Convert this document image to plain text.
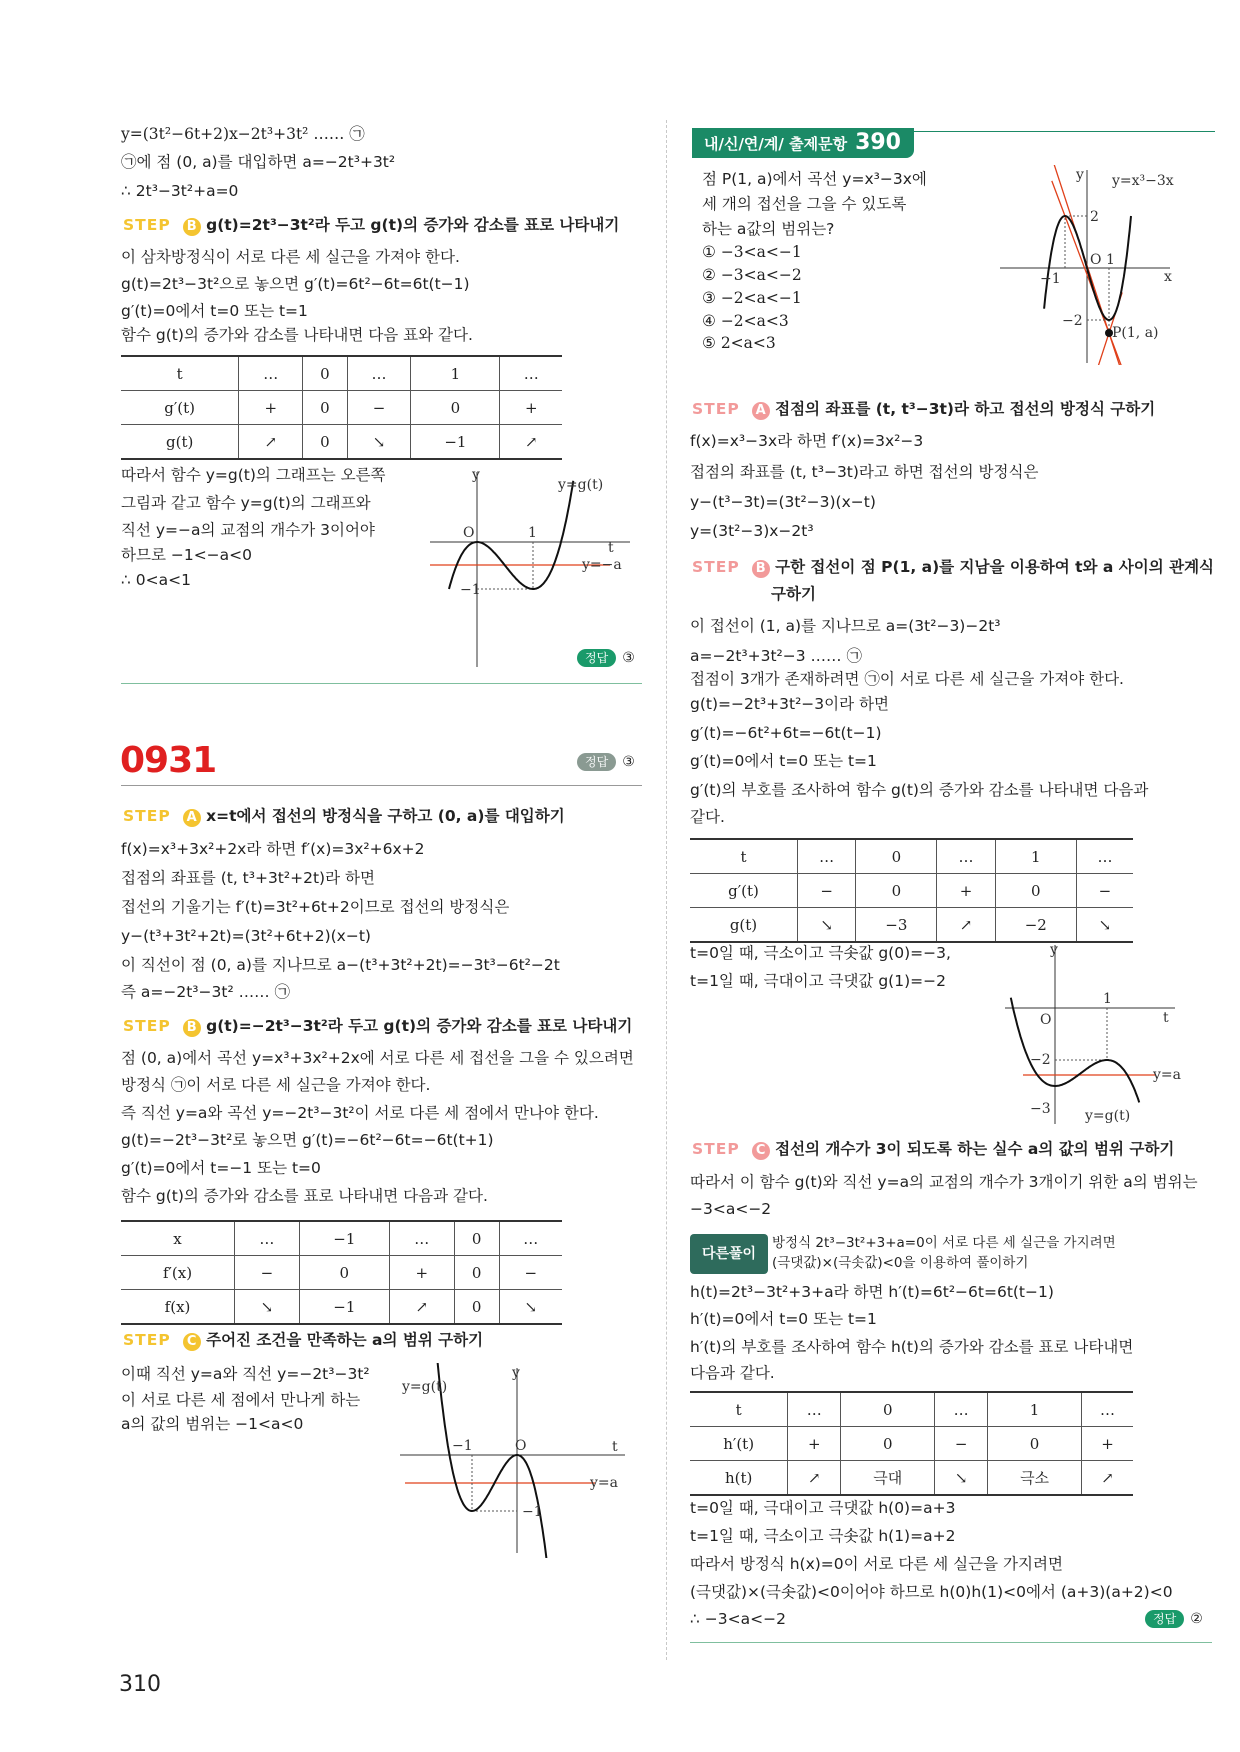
y=(3t²−6t+2)x−2t³+3t² …… ㉠
㉠에 점 (0, a)를 대입하면 a=−2t³+3t²
∴ 2t³−3t²+a=0
STEP B g(t)=2t³−3t²라 두고 g(t)의 증가와 감소를 표로 나타내기
이 삼차방정식이 서로 다른 세 실근을 가져야 한다.
g(t)=2t³−3t²으로 놓으면 g′(t)=6t²−6t=6t(t−1)
g′(t)=0에서 t=0 또는 t=1
함수 g(t)의 증가와 감소를 나타내면 다음 표와 같다.
t	…	0	…	1	…
g′(t)	+	0	−	0	+
g(t)	↗	0	↘	−1	↗
따라서 함수 y=g(t)의 그래프는 오른쪽
그림과 같고 함수 y=g(t)의 그래프와
직선 y=−a의 교점의 개수가 3이어야
하므로 −1<−a<0
∴ 0<a<1
y
t
O	1
−1
y=g(t)
y=−a
정답 ③
0931	정답 ③
STEP A x=t에서 접선의 방정식을 구하고 (0, a)를 대입하기
f(x)=x³+3x²+2x라 하면 f′(x)=3x²+6x+2
접점의 좌표를 (t, t³+3t²+2t)라 하면
접선의 기울기는 f′(t)=3t²+6t+2이므로 접선의 방정식은
y−(t³+3t²+2t)=(3t²+6t+2)(x−t)
이 직선이 점 (0, a)를 지나므로 a−(t³+3t²+2t)=−3t³−6t²−2t
즉 a=−2t³−3t² …… ㉠
STEP B g(t)=−2t³−3t²라 두고 g(t)의 증가와 감소를 표로 나타내기
점 (0, a)에서 곡선 y=x³+3x²+2x에 서로 다른 세 접선을 그을 수 있으려면
방정식 ㉠이 서로 다른 세 실근을 가져야 한다.
즉 직선 y=a와 곡선 y=−2t³−3t²이 서로 다른 세 점에서 만나야 한다.
g(t)=−2t³−3t²로 놓으면 g′(t)=−6t²−6t=−6t(t+1)
g′(t)=0에서 t=−1 또는 t=0
함수 g(t)의 증가와 감소를 표로 나타내면 다음과 같다.
x	…	−1	…	0	…
f′(x)	−	0	+	0	−
f(x)	↘	−1	↗	0	↘
STEP C 주어진 조건을 만족하는 a의 범위 구하기
이때 직선 y=a와 직선 y=−2t³−3t²
이 서로 다른 세 점에서 만나게 하는
a의 값의 범위는 −1<a<0
y
t
O
−1
−1
y=g(t)
y=a
310
내/신/연/계/ 출제문항 390
점 P(1, a)에서 곡선 y=x³−3x에
세 개의 접선을 그을 수 있도록
하는 a값의 범위는?
① −3<a<−1
② −3<a<−2
③ −2<a<−1
④ −2<a<3
⑤ 2<a<3
y
x
O 1
−1
2
−2
P(1, a)
y=x³−3x
STEP A 접점의 좌표를 (t, t³−3t)라 하고 접선의 방정식 구하기
f(x)=x³−3x라 하면 f′(x)=3x²−3
접점의 좌표를 (t, t³−3t)라고 하면 접선의 방정식은
y−(t³−3t)=(3t²−3)(x−t)
y=(3t²−3)x−2t³
STEP B 구한 접선이 점 P(1, a)를 지남을 이용하여 t와 a 사이의 관계식
구하기
이 접선이 (1, a)를 지나므로 a=(3t²−3)−2t³
a=−2t³+3t²−3 …… ㉠
접점이 3개가 존재하려면 ㉠이 서로 다른 세 실근을 가져야 한다.
g(t)=−2t³+3t²−3이라 하면
g′(t)=−6t²+6t=−6t(t−1)
g′(t)=0에서 t=0 또는 t=1
g′(t)의 부호를 조사하여 함수 g(t)의 증가와 감소를 나타내면 다음과
같다.
t	…	0	…	1	…
g′(t)	−	0	+	0	−
g(t)	↘	−3	↗	−2	↘
t=0일 때, 극소이고 극솟값 g(0)=−3,
t=1일 때, 극대이고 극댓값 g(1)=−2
y
t
O
1
−2
−3
y=a
y=g(t)
STEP C 접선의 개수가 3이 되도록 하는 실수 a의 값의 범위 구하기
따라서 이 함수 g(t)와 직선 y=a의 교점의 개수가 3개이기 위한 a의 범위는
−3<a<−2
다른풀이
방정식 2t³−3t²+3+a=0이 서로 다른 세 실근을 가지려면
(극댓값)×(극솟값)<0을 이용하여 풀이하기
h(t)=2t³−3t²+3+a라 하면 h′(t)=6t²−6t=6t(t−1)
h′(t)=0에서 t=0 또는 t=1
h′(t)의 부호를 조사하여 함수 h(t)의 증가와 감소를 표로 나타내면
다음과 같다.
t	…	0	…	1	…
h′(t)	+	0	−	0	+
h(t)	↗	극대	↘	극소	↗
t=0일 때, 극대이고 극댓값 h(0)=a+3
t=1일 때, 극소이고 극솟값 h(1)=a+2
따라서 방정식 h(x)=0이 서로 다른 세 실근을 가지려면
(극댓값)×(극솟값)<0이어야 하므로 h(0)h(1)<0에서 (a+3)(a+2)<0
∴ −3<a<−2	정답 ②
